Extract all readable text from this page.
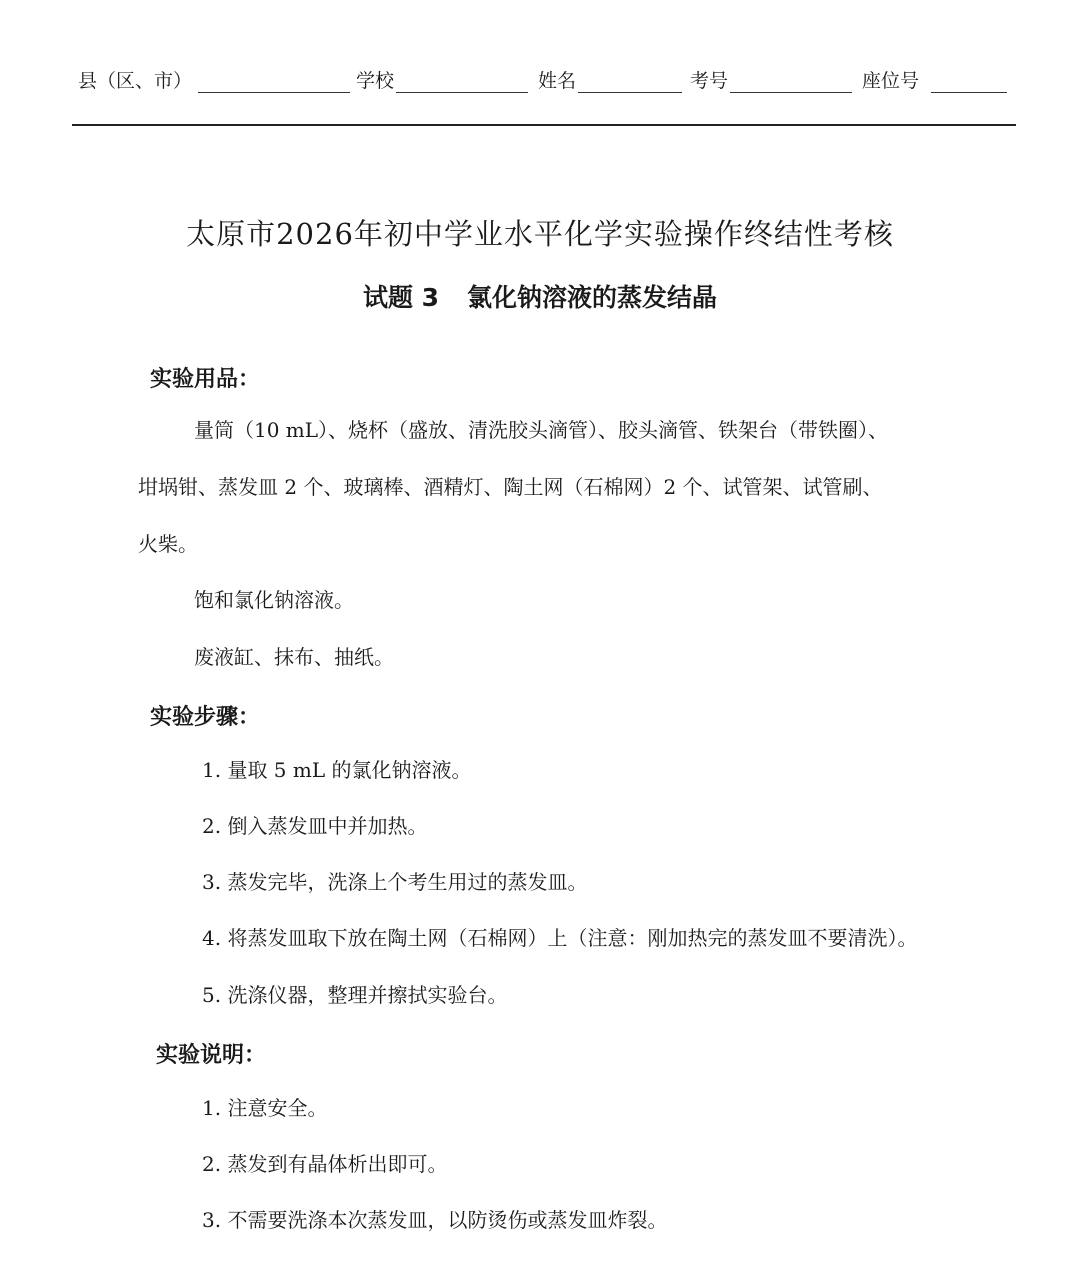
县（区、市）	学校	姓名	考号	座位号
太原市2026年初中学业水平化学实验操作终结性考核
试题 3 氯化钠溶液的蒸发结晶
实验用品：
量筒（10 mL）、烧杯（盛放、清洗胶头滴管）、胶头滴管、铁架台（带铁圈）、
坩埚钳、蒸发皿 2 个、玻璃棒、酒精灯、陶土网（石棉网）2 个、试管架、试管刷、
火柴。
饱和氯化钠溶液。
废液缸、抹布、抽纸。
实验步骤：
1. 量取 5 mL 的氯化钠溶液。
2. 倒入蒸发皿中并加热。
3. 蒸发完毕，洗涤上个考生用过的蒸发皿。
4. 将蒸发皿取下放在陶土网（石棉网）上（注意：刚加热完的蒸发皿不要清洗）。
5. 洗涤仪器，整理并擦拭实验台。
实验说明：
1. 注意安全。
2. 蒸发到有晶体析出即可。
3. 不需要洗涤本次蒸发皿，以防烫伤或蒸发皿炸裂。
